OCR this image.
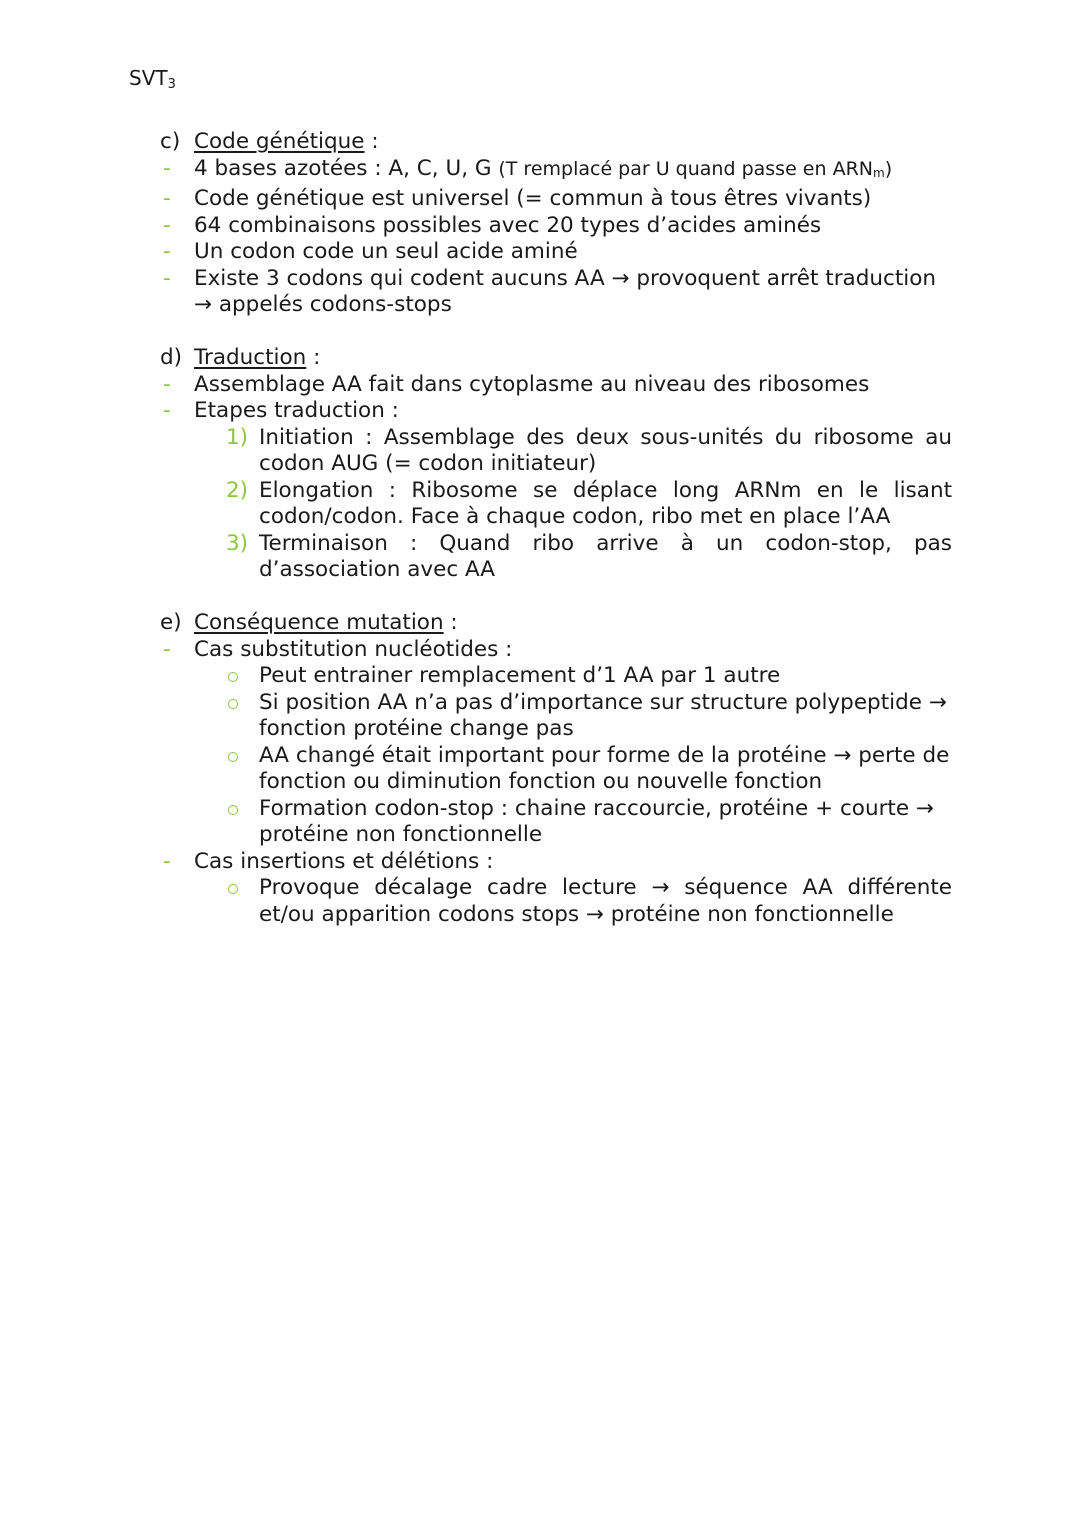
$SVT_3$
c) Code génétique :
- 4 bases azotées : A, C, U, G (T remplacé par U quand passe en $ARN_m$)
- Code génétique est universel (= commun à tous êtres vivants)
- 64 combinaisons possibles avec 20 types d’acides aminés
- Un codon code un seul acide aminé
- Existe 3 codons qui codent aucuns AA → provoquent arrêt traduction
→ appelés codons-stops
d) Traduction :
- Assemblage AA fait dans cytoplasme au niveau des ribosomes
- Etapes traduction :
1) Initiation : Assemblage des deux sous-unités du ribosome au
codon AUG (= codon initiateur)
2) Elongation : Ribosome se déplace long ARNm en le lisant
codon/codon. Face à chaque codon, ribo met en place l’AA
3) Terminaison : Quand ribo arrive à un codon-stop, pas
d’association avec AA
e) Conséquence mutation :
- Cas substitution nucléotides :
Peut entrainer remplacement d’1 AA par 1 autre
Si position AA n’a pas d’importance sur structure polypeptide →
fonction protéine change pas
AA changé était important pour forme de la protéine → perte de
fonction ou diminution fonction ou nouvelle fonction
Formation codon-stop : chaine raccourcie, protéine + courte →
protéine non fonctionnelle
- Cas insertions et délétions :
Provoque décalage cadre lecture → séquence AA différente
et/ou apparition codons stops → protéine non fonctionnelle
